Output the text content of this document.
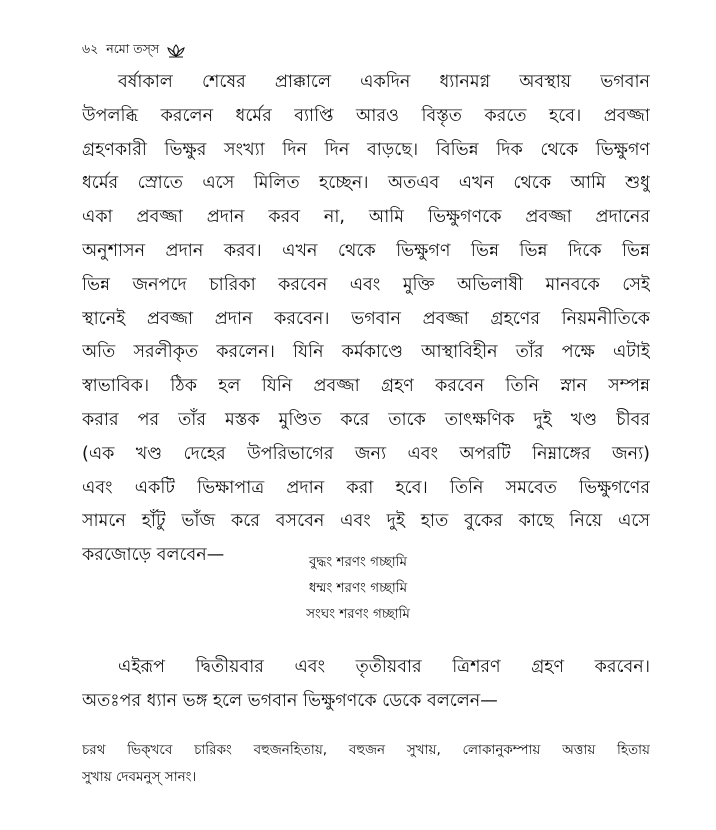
৬২ নমো তস্স
বর্ষাকাল শেষের প্রাক্কালে একদিন ধ্যানমগ্ন অবস্থায় ভগবান
উপলব্ধি করলেন ধর্মের ব্যাপ্তি আরও বিস্তৃত করতে হবে। প্রবজ্জা
গ্রহণকারী ভিক্ষুর সংখ্যা দিন দিন বাড়ছে। বিভিন্ন দিক থেকে ভিক্ষুগণ
ধর্মের স্রোতে এসে মিলিত হচ্ছেন। অতএব এখন থেকে আমি শুধু
একা প্রবজ্জা প্রদান করব না, আমি ভিক্ষুগণকে প্রবজ্জা প্রদানের
অনুশাসন প্রদান করব। এখন থেকে ভিক্ষুগণ ভিন্ন ভিন্ন দিকে ভিন্ন
ভিন্ন জনপদে চারিকা করবেন এবং মুক্তি অভিলাষী মানবকে সেই
স্থানেই প্রবজ্জা প্রদান করবেন। ভগবান প্রবজ্জা গ্রহণের নিয়মনীতিকে
অতি সরলীকৃত করলেন। যিনি কর্মকাণ্ডে আস্থাবিহীন তাঁর পক্ষে এটাই
স্বাভাবিক। ঠিক হল যিনি প্রবজ্জা গ্রহণ করবেন তিনি স্নান সম্পন্ন
করার পর তাঁর মস্তক মুণ্ডিত করে তাকে তাৎক্ষণিক দুই খণ্ড চীবর
(এক খণ্ড দেহের উপরিভাগের জন্য এবং অপরটি নিম্নাঙ্গের জন্য)
এবং একটি ভিক্ষাপাত্র প্রদান করা হবে। তিনি সমবেত ভিক্ষুগণের
সামনে হাঁটু ভাঁজ করে বসবেন এবং দুই হাত বুকের কাছে নিয়ে এসে
করজোড়ে বলবেন—	বুদ্ধং শরণং গচ্ছামি
ধম্মং শরণং গচ্ছামি
সংঘং শরণং গচ্ছামি
এইরূপ দ্বিতীয়বার এবং তৃতীয়বার ত্রিশরণ গ্রহণ করবেন।
অতঃপর ধ্যান ভঙ্গ হলে ভগবান ভিক্ষুগণকে ডেকে বললেন—
চরথ ভিক্খবে চারিকং বহুজনহিতায়, বহুজন সুখায়, লোকানুকম্পায় অত্তায় হিতায়
সুখায় দেবমনুস্ সানং।
